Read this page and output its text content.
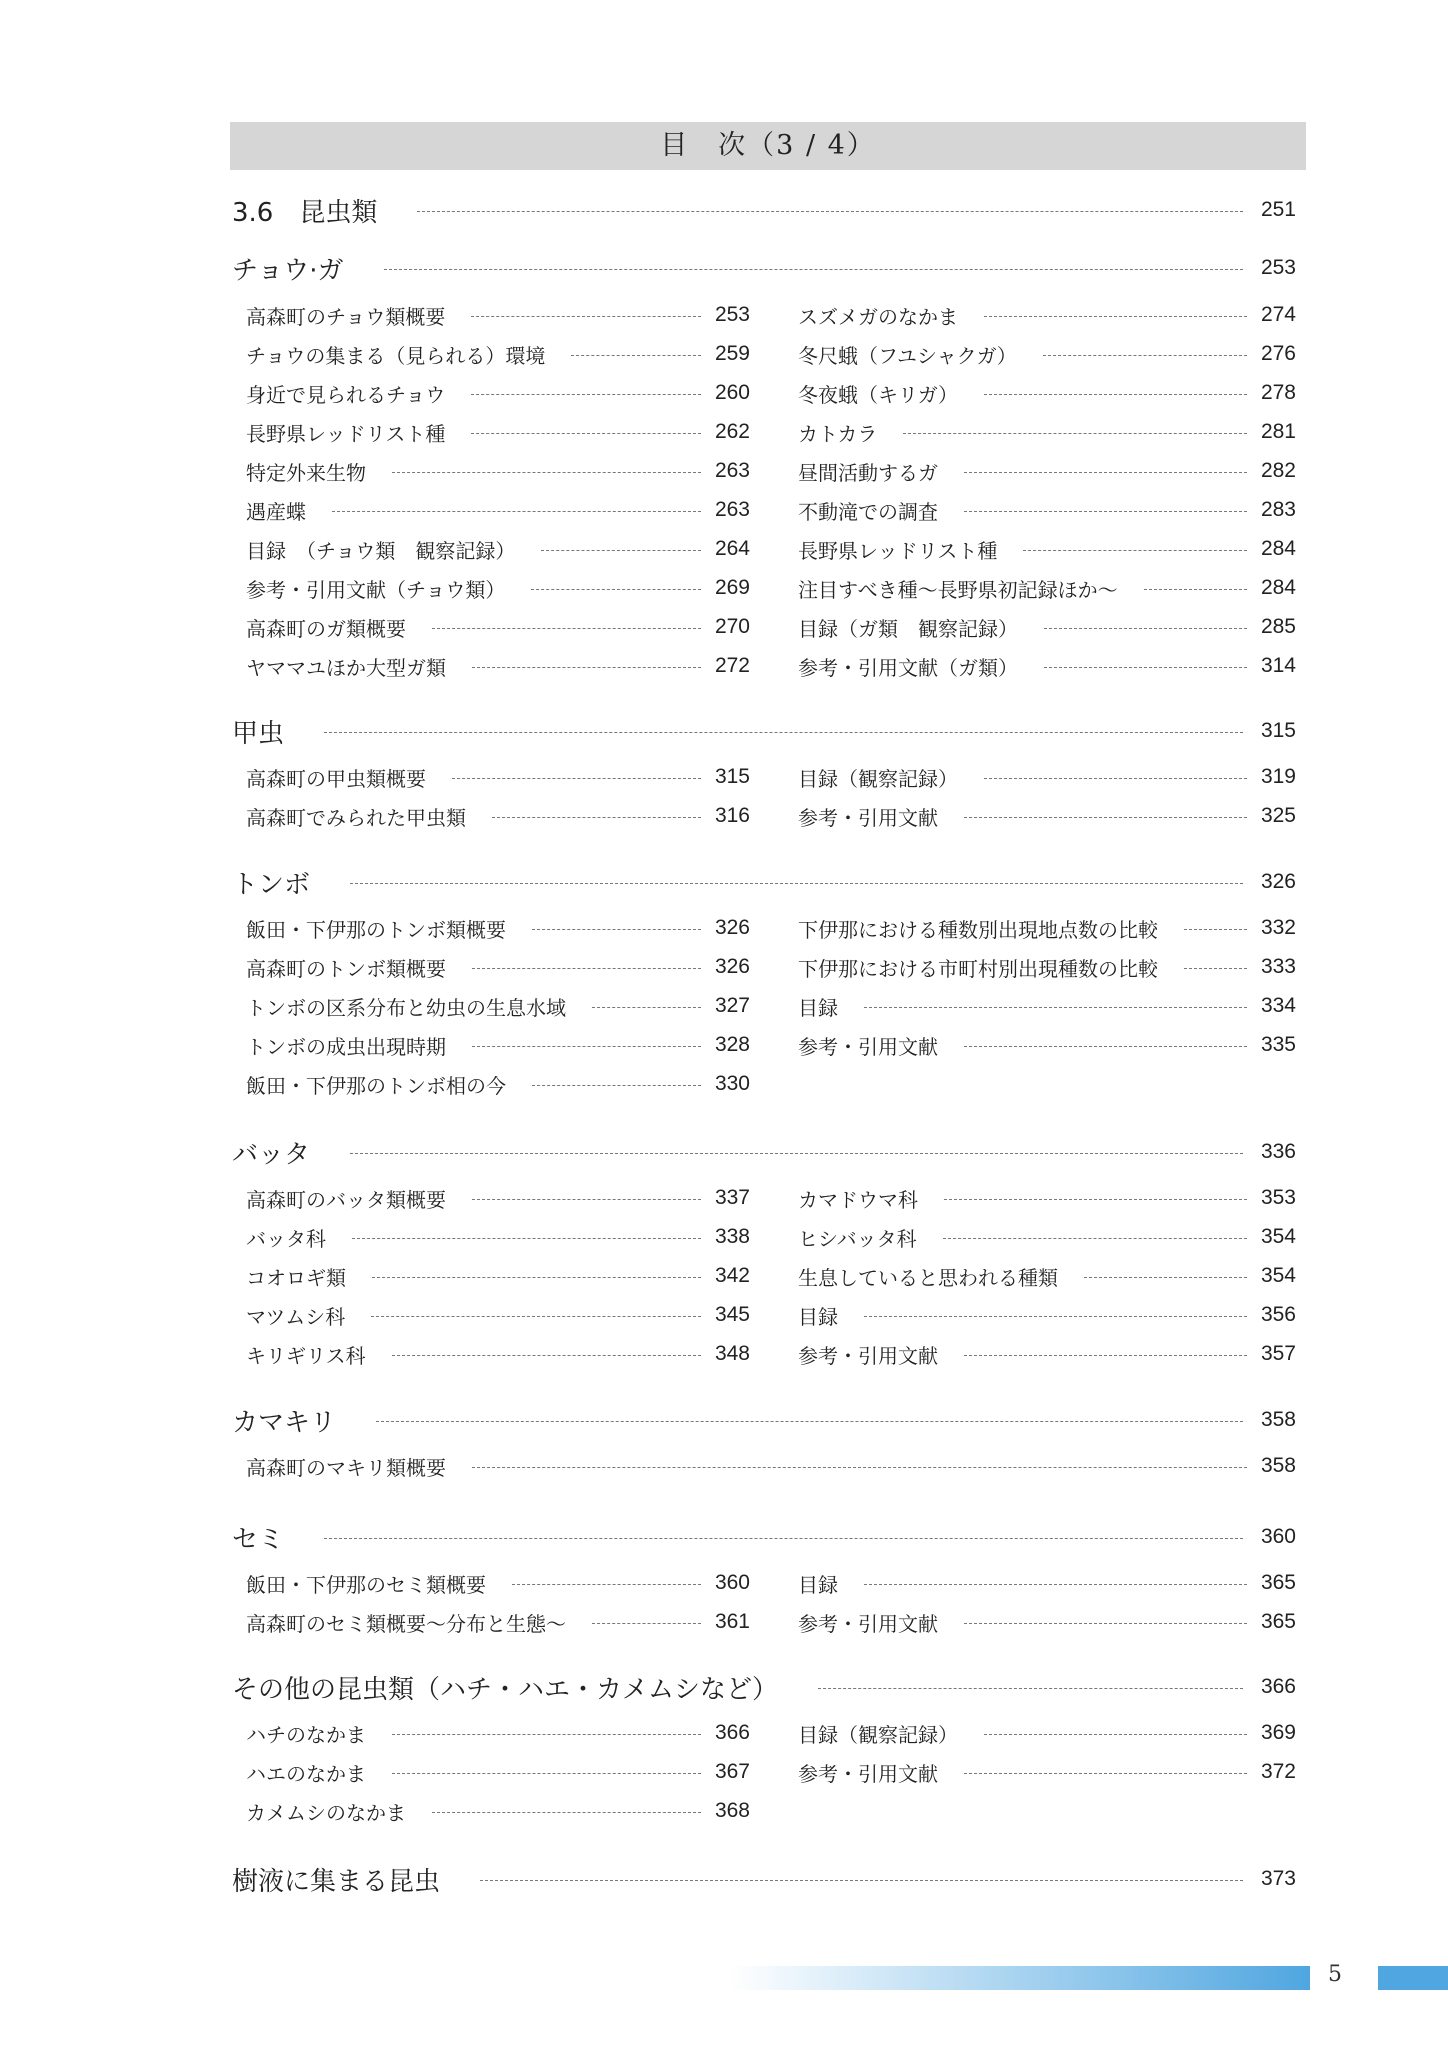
目　次（3 / 4）
3.6　昆虫類	251
チョウ·ガ	253
高森町のチョウ類概要	253 スズメガのなかま	274
チョウの集まる（見られる）環境	259 冬尺蛾（フユシャクガ）	276
身近で見られるチョウ	260 冬夜蛾（キリガ）	278
長野県レッドリスト種	262 カトカラ	281
特定外来生物	263 昼間活動するガ	282
遇産蝶	263 不動滝での調査	283
目録　（チョウ類　観察記録）	264 長野県レッドリスト種	284
参考・引用文献（チョウ類）	269 注目すべき種～長野県初記録ほか～	284
高森町のガ類概要	270 目録（ガ類　観察記録）	285
ヤママユほか大型ガ類	272 参考・引用文献（ガ類）	314
甲虫	315
高森町の甲虫類概要	315 目録（観察記録）	319
高森町でみられた甲虫類	316 参考・引用文献	325
トンボ	326
飯田・下伊那のトンボ類概要	326 下伊那における種数別出現地点数の比較	332
高森町のトンボ類概要	326 下伊那における市町村別出現種数の比較	333
トンボの区系分布と幼虫の生息水域	327 目録	334
トンボの成虫出現時期	328 参考・引用文献	335
飯田・下伊那のトンボ相の今	330
バッタ	336
高森町のバッタ類概要	337 カマドウマ科	353
バッタ科	338 ヒシバッタ科	354
コオロギ類	342 生息していると思われる種類	354
マツムシ科	345 目録	356
キリギリス科	348 参考・引用文献	357
カマキリ	358
高森町のマキリ類概要	358
セミ	360
飯田・下伊那のセミ類概要	360 目録	365
高森町のセミ類概要～分布と生態～	361 参考・引用文献	365
その他の昆虫類（ハチ・ハエ・カメムシなど）	366
ハチのなかま	366 目録（観察記録）	369
ハエのなかま	367 参考・引用文献	372
カメムシのなかま	368
樹液に集まる昆虫	373
5
